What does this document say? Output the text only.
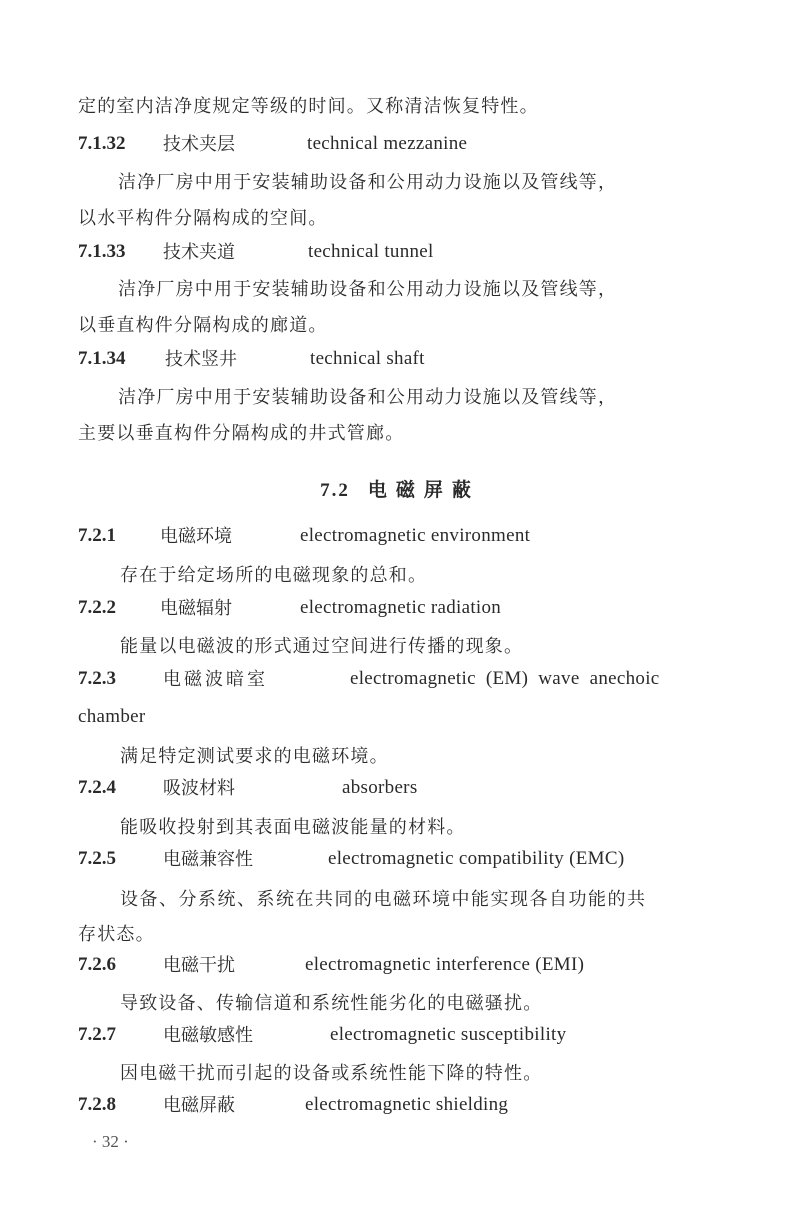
定的室内洁净度规定等级的时间。又称清洁恢复特性。
7.1.32 技术夹层	technical mezzanine
洁净厂房中用于安装辅助设备和公用动力设施以及管线等，
以水平构件分隔构成的空间。
7.1.33 技术夹道	technical tunnel
洁净厂房中用于安装辅助设备和公用动力设施以及管线等，
以垂直构件分隔构成的廊道。
7.1.34 技术竖井	technical shaft
洁净厂房中用于安装辅助设备和公用动力设施以及管线等，
主要以垂直构件分隔构成的井式管廊。
7.2 电磁屏蔽
7.2.1 电磁环境	electromagnetic environment
存在于给定场所的电磁现象的总和。
7.2.2 电磁辐射	electromagnetic radiation
能量以电磁波的形式通过空间进行传播的现象。
7.2.3	电磁波暗室	electromagnetic (EM) wave anechoic
chamber
满足特定测试要求的电磁环境。
7.2.4	吸波材料	absorbers
能吸收投射到其表面电磁波能量的材料。
7.2.5	电磁兼容性	electromagnetic compatibility (EMC)
设备、分系统、系统在共同的电磁环境中能实现各自功能的共
存状态。
7.2.6	电磁干扰	electromagnetic interference (EMI)
导致设备、传输信道和系统性能劣化的电磁骚扰。
7.2.7	电磁敏感性	electromagnetic susceptibility
因电磁干扰而引起的设备或系统性能下降的特性。
7.2.8	电磁屏蔽	electromagnetic shielding
· 32 ·
